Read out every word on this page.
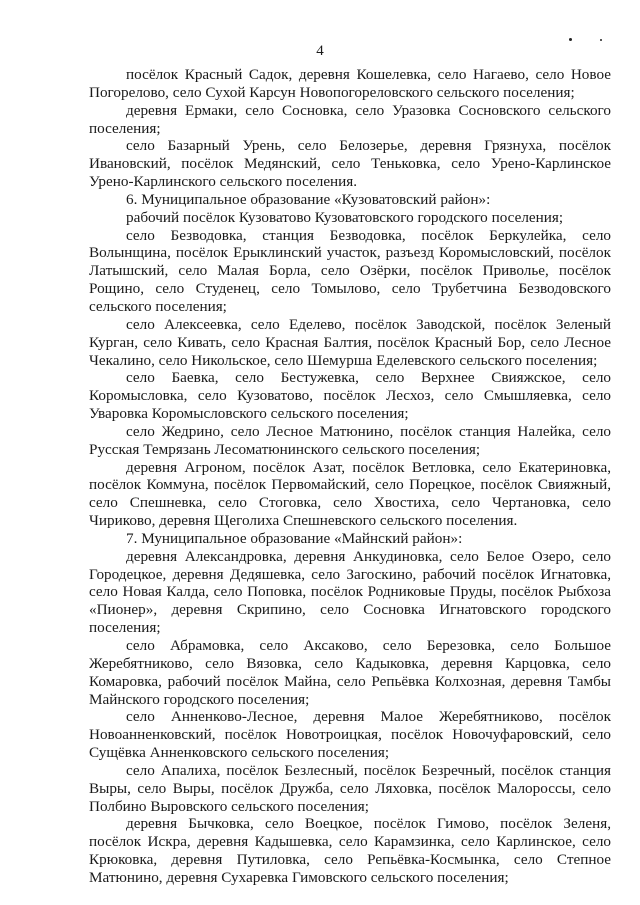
4

посёлок Красный Садок, деревня Кошелевка, село Нагаево, село Новое Погорелово, село Сухой Карсун Новопогореловского сельского поселения;

деревня Ермаки, село Сосновка, село Уразовка Сосновского сельского поселения;

село Базарный Урень, село Белозерье, деревня Грязнуха, посёлок Ивановский, посёлок Медянский, село Теньковка, село Урено-Карлинское Урено-Карлинского сельского поселения.

6. Муниципальное образование «Кузоватовский район»:

рабочий посёлок Кузоватово Кузоватовского городского поселения;

село Безводовка, станция Безводовка, посёлок Беркулейка, село Волынщина, посёлок Ерыклинский участок, разъезд Коромысловский, посёлок Латышский, село Малая Борла, село Озёрки, посёлок Приволье, посёлок Рощино, село Студенец, село Томылово, село Трубетчина Безводовского сельского поселения;

село Алексеевка, село Еделево, посёлок Заводской, посёлок Зеленый Курган, село Кивать, село Красная Балтия, посёлок Красный Бор, село Лесное Чекалино, село Никольское, село Шемурша Еделевского сельского поселения;

село Баевка, село Бестужевка, село Верхнее Свияжское, село Коромысловка, село Кузоватово, посёлок Лесхоз, село Смышляевка, село Уваровка Коромысловского сельского поселения;

село Жедрино, село Лесное Матюнино, посёлок станция Налейка, село Русская Темрязань Лесоматюнинского сельского поселения;

деревня Агроном, посёлок Азат, посёлок Ветловка, село Екатериновка, посёлок Коммуна, посёлок Первомайский, село Порецкое, посёлок Свияжный, село Спешневка, село Стоговка, село Хвостиха, село Чертановка, село Чириково, деревня Щеголиха Спешневского сельского поселения.

7. Муниципальное образование «Майнский район»:

деревня Александровка, деревня Анкудиновка, село Белое Озеро, село Городецкое, деревня Дедяшевка, село Загоскино, рабочий посёлок Игнатовка, село Новая Калда, село Поповка, посёлок Родниковые Пруды, посёлок Рыбхоза «Пионер», деревня Скрипино, село Сосновка Игнатовского городского поселения;

село Абрамовка, село Аксаково, село Березовка, село Большое Жеребятниково, село Вязовка, село Кадыковка, деревня Карцовка, село Комаровка, рабочий посёлок Майна, село Репьёвка Колхозная, деревня Тамбы Майнского городского поселения;

село Анненково-Лесное, деревня Малое Жеребятниково, посёлок Новоанненковский, посёлок Новотроицкая, посёлок Новочуфаровский, село Сущёвка Анненковского сельского поселения;

село Апалиха, посёлок Безлесный, посёлок Безречный, посёлок станция Выры, село Выры, посёлок Дружба, село Ляховка, посёлок Малороссы, село Полбино Выровского сельского поселения;

деревня Бычковка, село Воецкое, посёлок Гимово, посёлок Зеленя, посёлок Искра, деревня Кадышевка, село Карамзинка, село Карлинское, село Крюковка, деревня Путиловка, село Репьёвка-Космынка, село Степное Матюнино, деревня Сухаревка Гимовского сельского поселения;
